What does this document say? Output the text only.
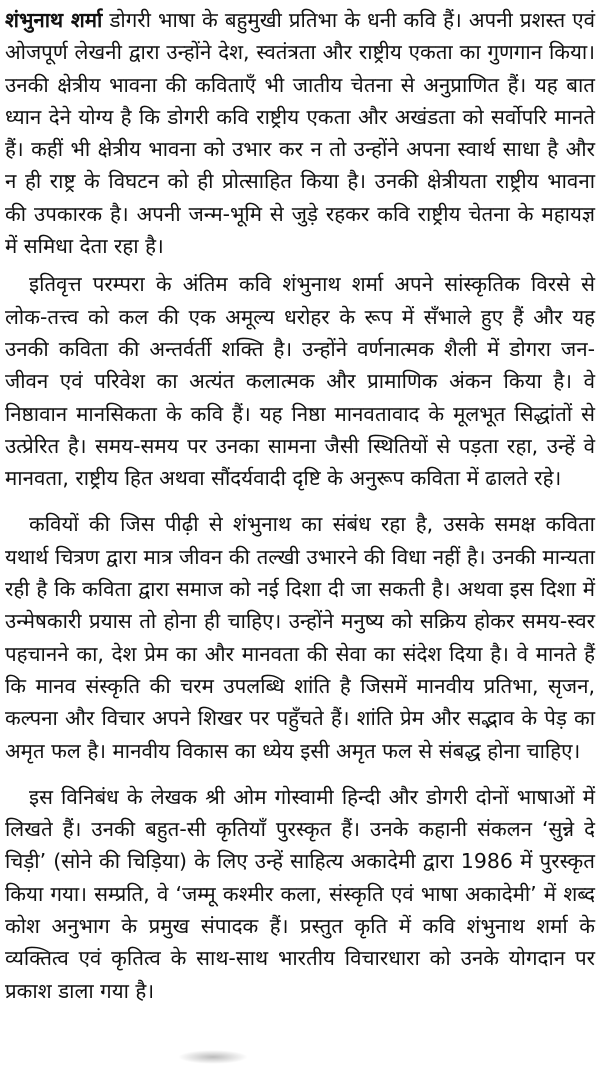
शंभुनाथ शर्मा डोगरी भाषा के बहुमुखी प्रतिभा के धनी कवि हैं। अपनी प्रशस्त एवं ओजपूर्ण लेखनी द्वारा उन्होंने देश, स्वतंत्रता और राष्ट्रीय एकता का गुणगान किया। उनकी क्षेत्रीय भावना की कविताएँ भी जातीय चेतना से अनुप्राणित हैं। यह बात ध्यान देने योग्य है कि डोगरी कवि राष्ट्रीय एकता और अखंडता को सर्वोपरि मानते हैं। कहीं भी क्षेत्रीय भावना को उभार कर न तो उन्होंने अपना स्वार्थ साधा है और न ही राष्ट्र के विघटन को ही प्रोत्साहित किया है। उनकी क्षेत्रीयता राष्ट्रीय भावना की उपकारक है। अपनी जन्म-भूमि से जुड़े रहकर कवि राष्ट्रीय चेतना के महायज्ञ में समिधा देता रहा है।

इतिवृत्त परम्परा के अंतिम कवि शंभुनाथ शर्मा अपने सांस्कृतिक विरसे से लोक-तत्त्व को कल की एक अमूल्य धरोहर के रूप में सँभाले हुए हैं और यह उनकी कविता की अन्तर्वर्ती शक्ति है। उन्होंने वर्णनात्मक शैली में डोगरा जन-जीवन एवं परिवेश का अत्यंत कलात्मक और प्रामाणिक अंकन किया है। वे निष्ठावान मानसिकता के कवि हैं। यह निष्ठा मानवतावाद के मूलभूत सिद्धांतों से उत्प्रेरित है। समय-समय पर उनका सामना जैसी स्थितियों से पड़ता रहा, उन्हें वे मानवता, राष्ट्रीय हित अथवा सौंदर्यवादी दृष्टि के अनुरूप कविता में ढालते रहे।

कवियों की जिस पीढ़ी से शंभुनाथ का संबंध रहा है, उसके समक्ष कविता यथार्थ चित्रण द्वारा मात्र जीवन की तल्खी उभारने की विधा नहीं है। उनकी मान्यता रही है कि कविता द्वारा समाज को नई दिशा दी जा सकती है। अथवा इस दिशा में उन्मेषकारी प्रयास तो होना ही चाहिए। उन्होंने मनुष्य को सक्रिय होकर समय-स्वर पहचानने का, देश प्रेम का और मानवता की सेवा का संदेश दिया है। वे मानते हैं कि मानव संस्कृति की चरम उपलब्धि शांति है जिसमें मानवीय प्रतिभा, सृजन, कल्पना और विचार अपने शिखर पर पहुँचते हैं। शांति प्रेम और सद्भाव के पेड़ का अमृत फल है। मानवीय विकास का ध्येय इसी अमृत फल से संबद्ध होना चाहिए।

इस विनिबंध के लेखक श्री ओम गोस्वामी हिन्दी और डोगरी दोनों भाषाओं में लिखते हैं। उनकी बहुत-सी कृतियाँ पुरस्कृत हैं। उनके कहानी संकलन ‘सुन्ने दे चिड़ी’ (सोने की चिड़िया) के लिए उन्हें साहित्य अकादेमी द्वारा 1986 में पुरस्कृत किया गया। सम्प्रति, वे ‘जम्मू कश्मीर कला, संस्कृति एवं भाषा अकादेमी’ में शब्द कोश अनुभाग के प्रमुख संपादक हैं। प्रस्तुत कृति में कवि शंभुनाथ शर्मा के व्यक्तित्व एवं कृतित्व के साथ-साथ भारतीय विचारधारा को उनके योगदान पर प्रकाश डाला गया है।
